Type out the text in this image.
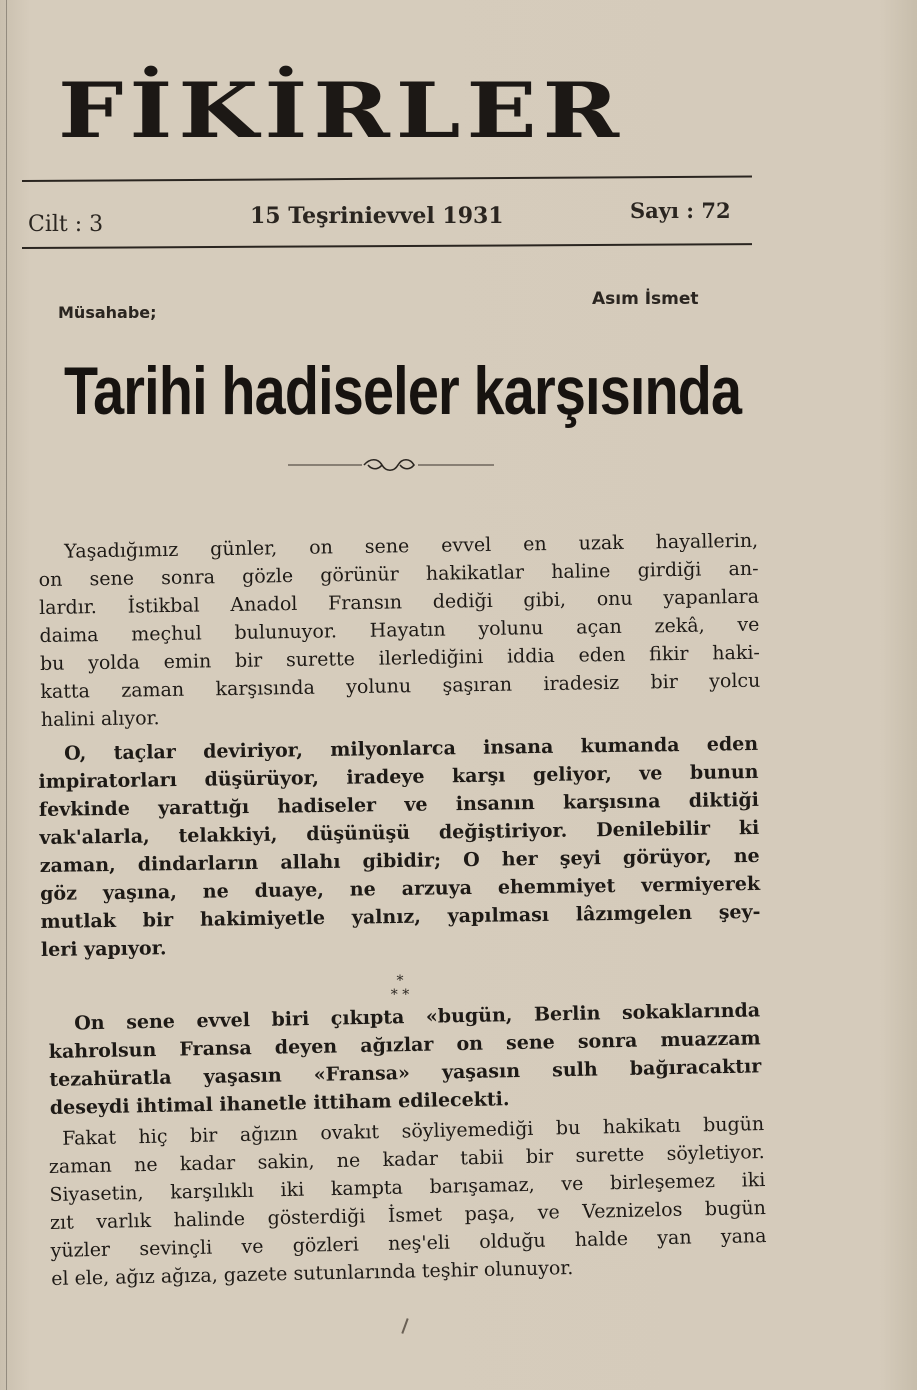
FİKİRLER
Cilt : 3	15 Teşrinievvel 1931	Sayı : 72
Müsahabe;
Asım İsmet
Tarihi hadiseler karşısında
Yaşadığımız günler, on sene evvel en uzak hayallerin,
on sene sonra gözle görünür hakikatlar haline girdiği an-
lardır. İstikbal Anadol Fransın dediği gibi, onu yapanlara
daima meçhul bulunuyor. Hayatın yolunu açan zekâ, ve
bu yolda emin bir surette ilerlediğini iddia eden fikir haki-
katta zaman karşısında yolunu şaşıran iradesiz bir yolcu
halini alıyor.
O, taçlar deviriyor, milyonlarca insana kumanda eden
impiratorları düşürüyor, iradeye karşı geliyor, ve bunun
fevkinde yarattığı hadiseler ve insanın karşısına diktiği
vak'alarla, telakkiyi, düşünüşü değiştiriyor. Denilebilir ki
zaman, dindarların allahı gibidir; O her şeyi görüyor, ne
göz yaşına, ne duaye, ne arzuya ehemmiyet vermiyerek
mutlak bir hakimiyetle yalnız, yapılması lâzımgelen şey-
leri yapıyor.
*
* *
On sene evvel biri çıkıpta «bugün, Berlin sokaklarında
kahrolsun Fransa deyen ağızlar on sene sonra muazzam
tezahüratla yaşasın «Fransa» yaşasın sulh bağıracaktır
deseydi ihtimal ihanetle ittiham edilecekti.
Fakat hiç bir ağızın ovakıt söyliyemediği bu hakikatı bugün
zaman ne kadar sakin, ne kadar tabii bir surette söyletiyor.
Siyasetin, karşılıklı iki kampta barışamaz, ve birleşemez iki
zıt varlık halinde gösterdiği İsmet paşa, ve Veznizelos bugün
yüzler sevinçli ve gözleri neş'eli olduğu halde yan yana
el ele, ağız ağıza, gazete sutunlarında teşhir olunuyor.
